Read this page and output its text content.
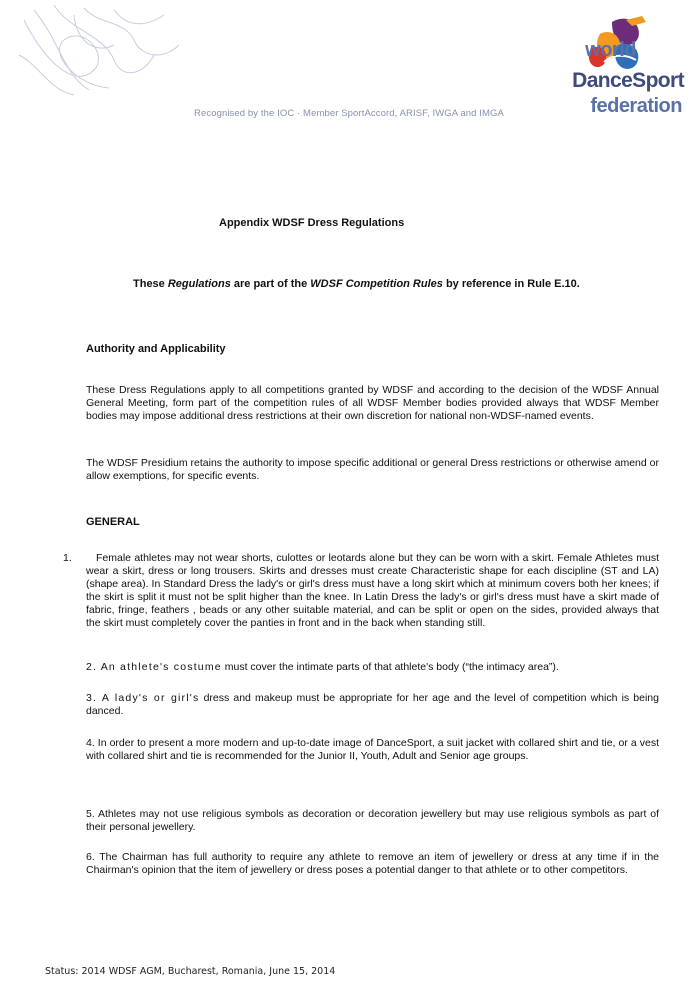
Recognised by the IOC · Member SportAccord, ARISF, IWGA and IMGA
world
DanceSport
federation
Appendix WDSF Dress Regulations
These Regulations are part of the WDSF Competition Rules by reference in Rule E.10.
Authority and Applicability
These Dress Regulations apply to all competitions granted by WDSF and according to the decision of the WDSF Annual General Meeting, form part of the competition rules of all WDSF Member bodies provided always that WDSF Member bodies may impose additional dress restrictions at their own discretion for national non-WDSF-named events.
The WDSF Presidium retains the authority to impose specific additional or general Dress restrictions or otherwise amend or allow exemptions, for specific events.
GENERAL
1.	Female athletes may not wear shorts, culottes or leotards alone but they can be worn with a skirt. Female Athletes must wear a skirt, dress or long trousers. Skirts and dresses must create Characteristic shape for each discipline (ST and LA) (shape area). In Standard Dress the lady's or girl's dress must have a long skirt which at minimum covers both her knees; if the skirt is split it must not be split higher than the knee. In Latin Dress the lady's or girl's dress must have a skirt made of fabric, fringe, feathers , beads or any other suitable material, and can be split or open on the sides, provided always that the skirt must completely cover the panties in front and in the back when standing still.
2. An athlete's costume must cover the intimate parts of that athlete's body (“the intimacy area”).
3. A lady's or girl's dress and makeup must be appropriate for her age and the level of competition which is being danced.
4. In order to present a more modern and up-to-date image of DanceSport, a suit jacket with collared shirt and tie, or a vest with collared shirt and tie is recommended for the Junior II, Youth, Adult and Senior age groups.
5. Athletes may not use religious symbols as decoration or decoration jewellery but may use religious symbols as part of their personal jewellery.
6. The Chairman has full authority to require any athlete to remove an item of jewellery or dress at any time if in the Chairman's opinion that the item of jewellery or dress poses a potential danger to that athlete or to other competitors.
Status: 2014 WDSF AGM, Bucharest, Romania, June 15, 2014
